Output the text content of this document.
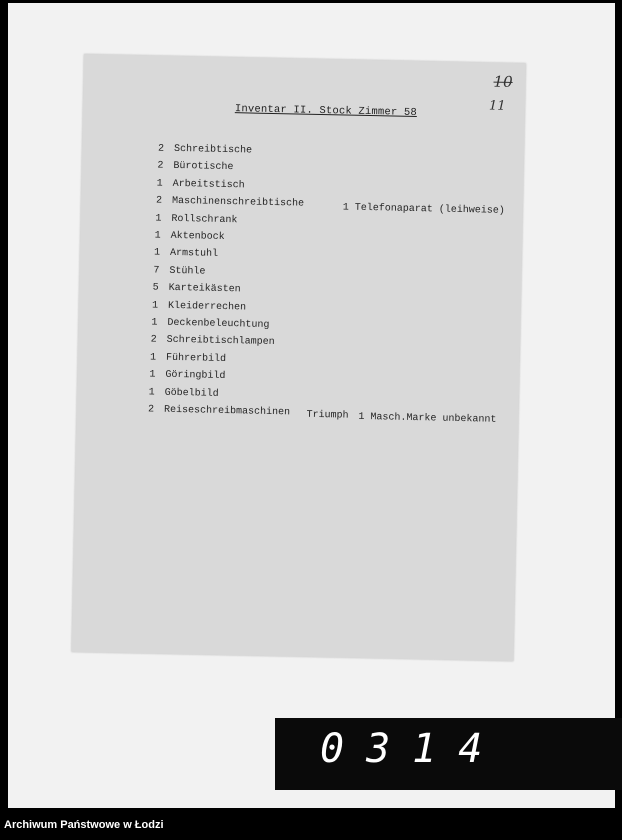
10
11
Inventar II. Stock Zimmer 58
2 Schreibtische
2 Bürotische
1 Arbeitstisch
2 Maschinenschreibtische
1 Rollschrank
1 Aktenbock
1 Armstuhl
7 Stühle
5 Karteikästen
1 Kleiderrechen
1 Deckenbeleuchtung
2 Schreibtischlampen
1 Führerbild
1 Göringbild
1 Göbelbild
2 Reiseschreibmaschinen
1 Telefonaparat (leihweise)
Triumph 1 Masch.Marke unbekannt
0314
Archiwum Państwowe w Łodzi
